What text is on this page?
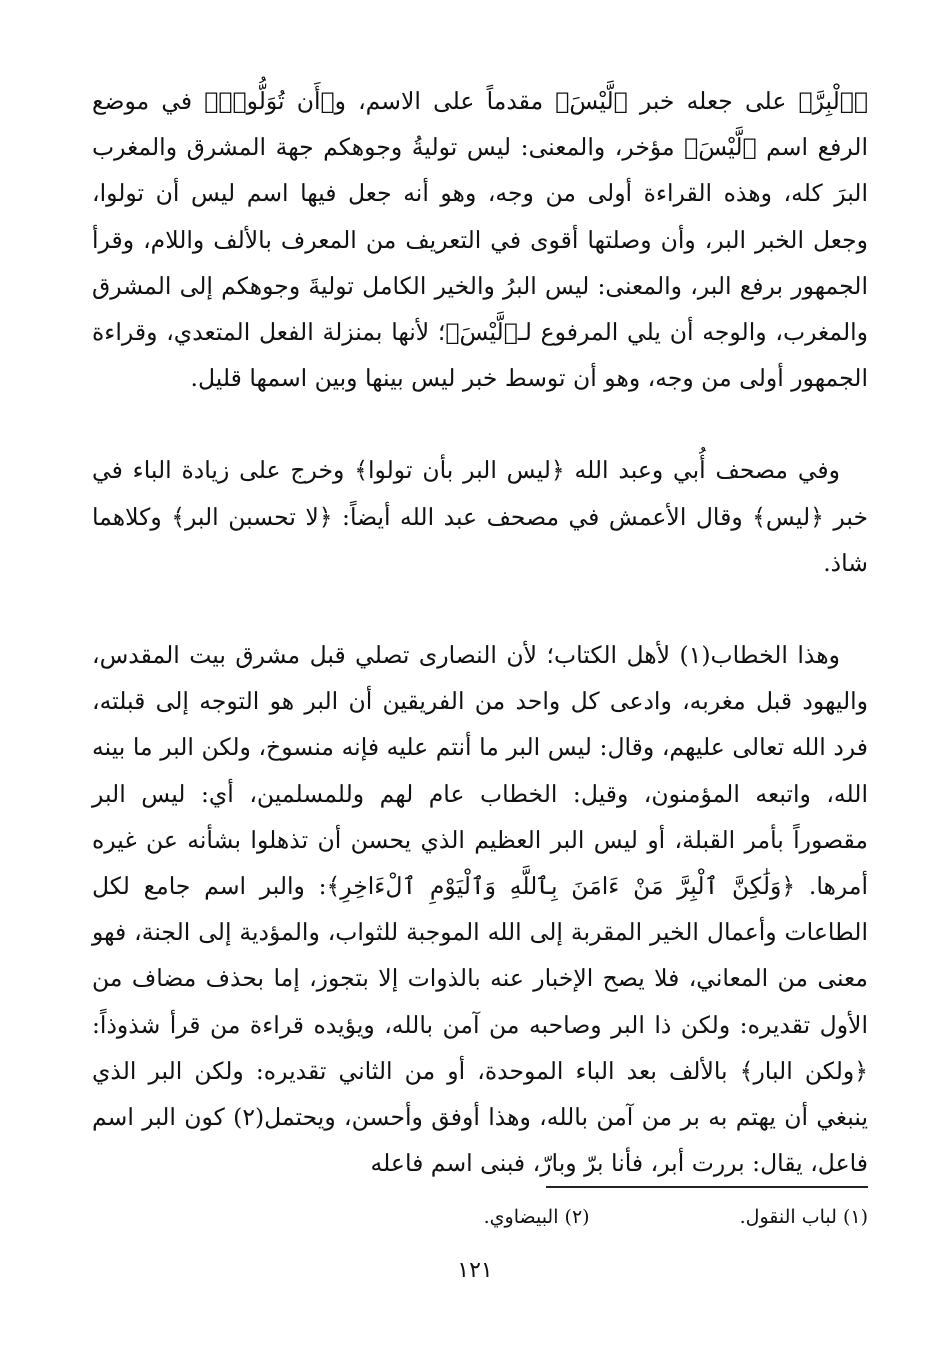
﴿ٱلْبِرَّ﴾ على جعله خبر ﴿لَّيْسَ﴾ مقدماً على الاسم، و﴿أَن تُوَلُّوا۟﴾ في موضع الرفع اسم ﴿لَّيْسَ﴾ مؤخر، والمعنى: ليس توليةُ وجوهكم جهة المشرق والمغرب البرَ كله، وهذه القراءة أولى من وجه، وهو أنه جعل فيها اسم ليس أن تولوا، وجعل الخبر البر، وأن وصلتها أقوى في التعريف من المعرف بالألف واللام، وقرأ الجمهور برفع البر، والمعنى: ليس البرُ والخير الكامل توليةَ وجوهكم إلى المشرق والمغرب، والوجه أن يلي المرفوع لـ﴿لَّيْسَ﴾؛ لأنها بمنزلة الفعل المتعدي، وقراءة الجمهور أولى من وجه، وهو أن توسط خبر ليس بينها وبين اسمها قليل.

وفي مصحف أُبي وعبد الله ﴿ليس البر بأن تولوا﴾ وخرج على زيادة الباء في خبر ﴿ليس﴾ وقال الأعمش في مصحف عبد الله أيضاً: ﴿لا تحسبن البر﴾ وكلاهما شاذ.

وهذا الخطاب(١) لأهل الكتاب؛ لأن النصارى تصلي قبل مشرق بيت المقدس، واليهود قبل مغربه، وادعى كل واحد من الفريقين أن البر هو التوجه إلى قبلته، فرد الله تعالى عليهم، وقال: ليس البر ما أنتم عليه فإنه منسوخ، ولكن البر ما بينه الله، واتبعه المؤمنون، وقيل: الخطاب عام لهم وللمسلمين، أي: ليس البر مقصوراً بأمر القبلة، أو ليس البر العظيم الذي يحسن أن تذهلوا بشأنه عن غيره أمرها. ﴿وَلَٰكِنَّ ٱلْبِرَّ مَنْ ءَامَنَ بِٱللَّهِ وَٱلْيَوْمِ ٱلْءَاخِرِ﴾: والبر اسم جامع لكل الطاعات وأعمال الخير المقربة إلى الله الموجبة للثواب، والمؤدية إلى الجنة، فهو معنى من المعاني، فلا يصح الإخبار عنه بالذوات إلا بتجوز، إما بحذف مضاف من الأول تقديره: ولكن ذا البر وصاحبه من آمن بالله، ويؤيده قراءة من قرأ شذوذاً: ﴿ولكن البار﴾ بالألف بعد الباء الموحدة، أو من الثاني تقديره: ولكن البر الذي ينبغي أن يهتم به بر من آمن بالله، وهذا أوفق وأحسن، ويحتمل(٢) كون البر اسم فاعل، يقال: بررت أبر، فأنا برّ وبارّ، فبنى اسم فاعله

(١) لباب النقول.
(٢) البيضاوي.
١٢١
